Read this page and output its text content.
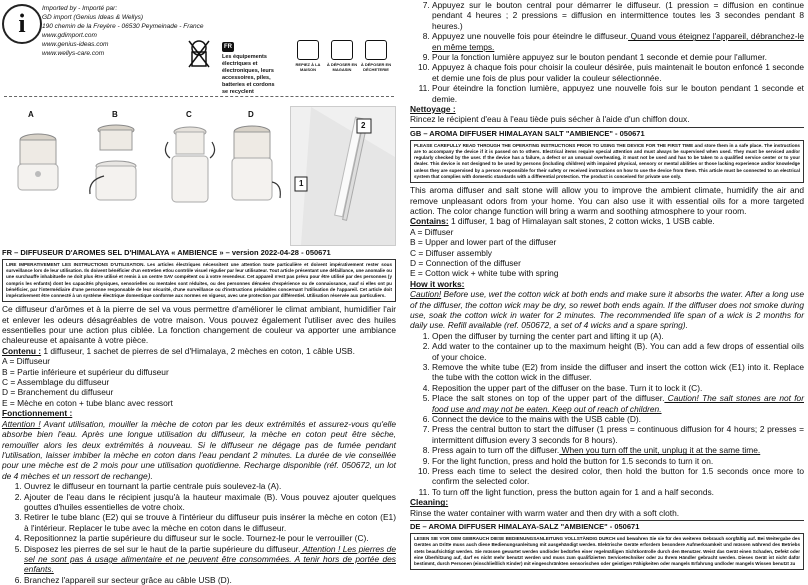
i
Imported by - Importé par:
GD import (Genius Ideas & Wellys)
190 chemin de la Freyère - 06530 Peymeinade - France
www.gdimport.com
www.genius-ideas.com
www.wellys-care.com
FR
Les équipements électriques et électroniques, leurs accessoires, piles, batteries et cordons se recyclent
REPIEZ À LA MAISON
À DÉPOSER EN MAGASIN
À DÉPOSER EN DÉCHETERIE
A	B	C	D
2
1
FR – DIFFUSEUR D'AROMES SEL D'HIMALAYA « AMBIENCE » – version 2022-04-28 - 050671
LIRE IMPERATIVEMENT LES INSTRUCTIONS D'UTILISATION. Les articles électriques nécessitent une attention toute particulière et doivent impérativement rester sous surveillance lors de leur utilisation. Ils doivent bénéficier d'un entretien et/ou contrôle visuel régulier par leur utilisateur. Tout article présentant une défaillance, une anomalie ou une surchauffe inhabituelle ne doit plus être utilisé et remis à un centre SAV compétent ou à votre revendeur. Cet appareil n'est pas prévu pour être utilisé par des personnes (y compris les enfants) dont les capacités physiques, sensorielles ou mentales sont réduites, ou des personnes dénuées d'expérience ou de connaissance, sauf si elles ont pu bénéficier, par l'intermédiaire d'une personne responsable de leur sécurité, d'une surveillance ou d'instructions préalables concernant l'utilisation de l'appareil. Cet article doit impérativement être connecté à un système électrique domestique conforme aux normes en vigueur, avec une protection par différentiel. Utilisation réservée aux particuliers.

Ce diffuseur d'arômes et à la pierre de sel va vous permettre d'améliorer le climat ambiant, humidifier l'air et enlever les odeurs désagréables de votre maison. Vous pouvez également l'utiliser avec des huiles essentielles pour une action plus ciblée. La fonction changement de couleur va apporter une ambiance chaleureuse et apaisante à votre pièce.

Contenu : 1 diffuseur, 1 sachet de pierres de sel d'Himalaya, 2 mèches en coton, 1 câble USB.

A = Diffuseur

B = Partie inférieure et supérieur du diffuseur

C = Assemblage du diffuseur

D = Branchement du diffuseur

E = Mèche en coton + tube blanc avec ressort

Fonctionnement :

Attention ! Avant utilisation, mouiller la mèche de coton par les deux extrémités et assurez-vous qu'elle absorbe bien l'eau. Après une longue utilisation du diffuseur, la mèche en coton peut être sèche, remouiller alors les deux extrémités à nouveau. Si le diffuseur ne dégage pas de fumée pendant l'utilisation, laisser imbiber la mèche en coton dans l'eau pendant 2 minutes. La durée de vie conseillée pour une mèche est de 2 mois pour une utilisation quotidienne. Recharge disponible (réf. 050672, un lot de 4 mèches et un ressort de rechange).

1. Ouvrez le diffuseur en tournant la partie centrale puis soulevez-la (A).
2. Ajouter de l'eau dans le récipient jusqu'à la hauteur maximale (B). Vous pouvez ajouter quelques gouttes d'huiles essentielles de votre choix.
3. Retirer le tube blanc (E2) qui se trouve à l'intérieur du diffuseur puis insérer la mèche en coton (E1) à l'intérieur. Replacer le tube avec la mèche en coton dans le diffuseur.
4. Repositionnez la partie supérieure du diffuseur sur le socle. Tournez-le pour le verrouiller (C).
5. Disposez les pierres de sel sur le haut de la partie supérieure du diffuseur. Attention ! Les pierres de sel ne sont pas à usage alimentaire et ne peuvent être consommées. A tenir hors de portée des enfants.
6. Branchez l'appareil sur secteur grâce au câble USB (D).
7. Appuyez sur le bouton central pour démarrer le diffuseur. (1 pression = diffusion en continue pendant 4 heures ; 2 pressions = diffusion en intermittence toutes les 3 secondes pendant 8 heures.)
8. Appuyez une nouvelle fois pour éteindre le diffuseur. Quand vous éteignez l'appareil, débranchez-le en même temps.
9. Pour la fonction lumière appuyez sur le bouton pendant 1 seconde et demie pour l'allumer.
10. Appuyez à chaque fois pour choisir la couleur désirée, puis maintenait le bouton enfoncé 1 seconde et demie une fois de plus pour valider la couleur sélectionnée.
11. Pour éteindre la fonction lumière, appuyez une nouvelle fois sur le bouton pendant 1 seconde et demie.

Nettoyage :

Rincez le récipient d'eau à l'eau tiède puis sécher à l'aide d'un chiffon doux.

GB – AROMA DIFFUSER HIMALAYAN SALT "AMBIENCE" - 050671
PLEASE CAREFULLY READ THROUGH THE OPERATING INSTRUCTIONS PRIOR TO USING THE DEVICE FOR THE FIRST TIME and store them in a safe place. The instructions are to accompany the device if it is passed on to others. Electrical items require special attention and must always be supervised when used. They must be serviced and/or regularly checked by the user. If the device has a failure, a defect or an unusual overheating, it must not be used and has to be taken to a qualified service center or to your dealer. This device is not designed to be used by persons (including children) with impaired physical, sensory or mental abilities or those lacking experience and/or knowledge unless they are supervised by a person responsible for their safety or received instructions on how to use the device from them. This article must be connected to an electrical system that complies with domestic standards with a differential protection. The product is conceived for private use only.

This aroma diffuser and salt stone will allow you to improve the ambient climate, humidify the air and remove unpleasant odors from your home. You can also use it with essential oils for a more targeted action. The color change function will bring a warm and soothing atmosphere to your room.

Contains: 1 diffuser, 1 bag of Himalayan salt stones, 2 cotton wicks, 1 USB cable.

A = Diffuser

B = Upper and lower part of the diffuser

C = Diffuser assembly

D = Connection of the diffuser

E = Cotton wick + white tube with spring

How it works:

Caution! Before use, wet the cotton wick at both ends and make sure it absorbs the water. After a long use of the diffuser, the cotton wick may be dry, so rewet both ends again. If the diffuser does not smoke during use, soak the cotton wick in water for 2 minutes. The recommended life span of a wick is 2 months for daily use. Refill available (ref. 050672, a set of 4 wicks and a spare spring).

1. Open the diffuser by turning the center part and lifting it up (A).
2. Add water to the container up to the maximum height (B). You can add a few drops of essential oils of your choice.
3. Remove the white tube (E2) from inside the diffuser and insert the cotton wick (E1) into it. Replace the tube with the cotton wick in the diffuser.
4. Reposition the upper part of the diffuser on the base. Turn it to lock it (C).
5. Place the salt stones on top of the upper part of the diffuser. Caution! The salt stones are not for food use and may not be eaten. Keep out of reach of children.
6. Connect the device to the mains with the USB cable (D).
7. Press the central button to start the diffuser (1 press = continuous diffusion for 4 hours; 2 presses = intermittent diffusion every 3 seconds for 8 hours).
8. Press again to turn off the diffuser. When you turn off the unit, unplug it at the same time.
9. For the light function, press and hold the button for 1.5 seconds to turn it on.
10. Press each time to select the desired color, then hold the button for 1.5 seconds once more to confirm the selected color.
11. To turn off the light function, press the button again for 1 and a half seconds.

Cleaning:

Rinse the water container with warm water and then dry with a soft cloth.

DE – AROMA DIFFUSER HIMALAYA-SALZ "AMBIENCE" - 050671
LESEN SIE VOR DEM GEBRAUCH DIESE BEDIENUNGSANLEITUNG VOLLSTÄNDIG DURCH und bewahren Sie sie für den weiteren Gebrauch sorgfältig auf. Bei Weitergabe des Gerätes an Dritte muss auch diese Bedienungsanleitung mit ausgehändigt werden. Elektrische Geräte erfordern besondere Aufmerksamkeit und müssen während des Betriebs stets beaufsichtigt werden. Sie müssen gewartet werden und/oder bedürfen einer regelmäßigen Sichtkontrolle durch den Benutzer. Weist das Gerät einen Schaden, Defekt oder eine Überhitzung auf, darf es nicht mehr benutzt werden und muss zum qualifizierten Servicetechniker oder zu Ihrem Händler gebracht werden. Dieses Gerät ist nicht dafür bestimmt, durch Personen (einschließlich Kinder) mit eingeschränkten sensorischen oder geistigen Fähigkeiten oder mangels Erfahrung und/oder mangels Wissen benutzt zu
